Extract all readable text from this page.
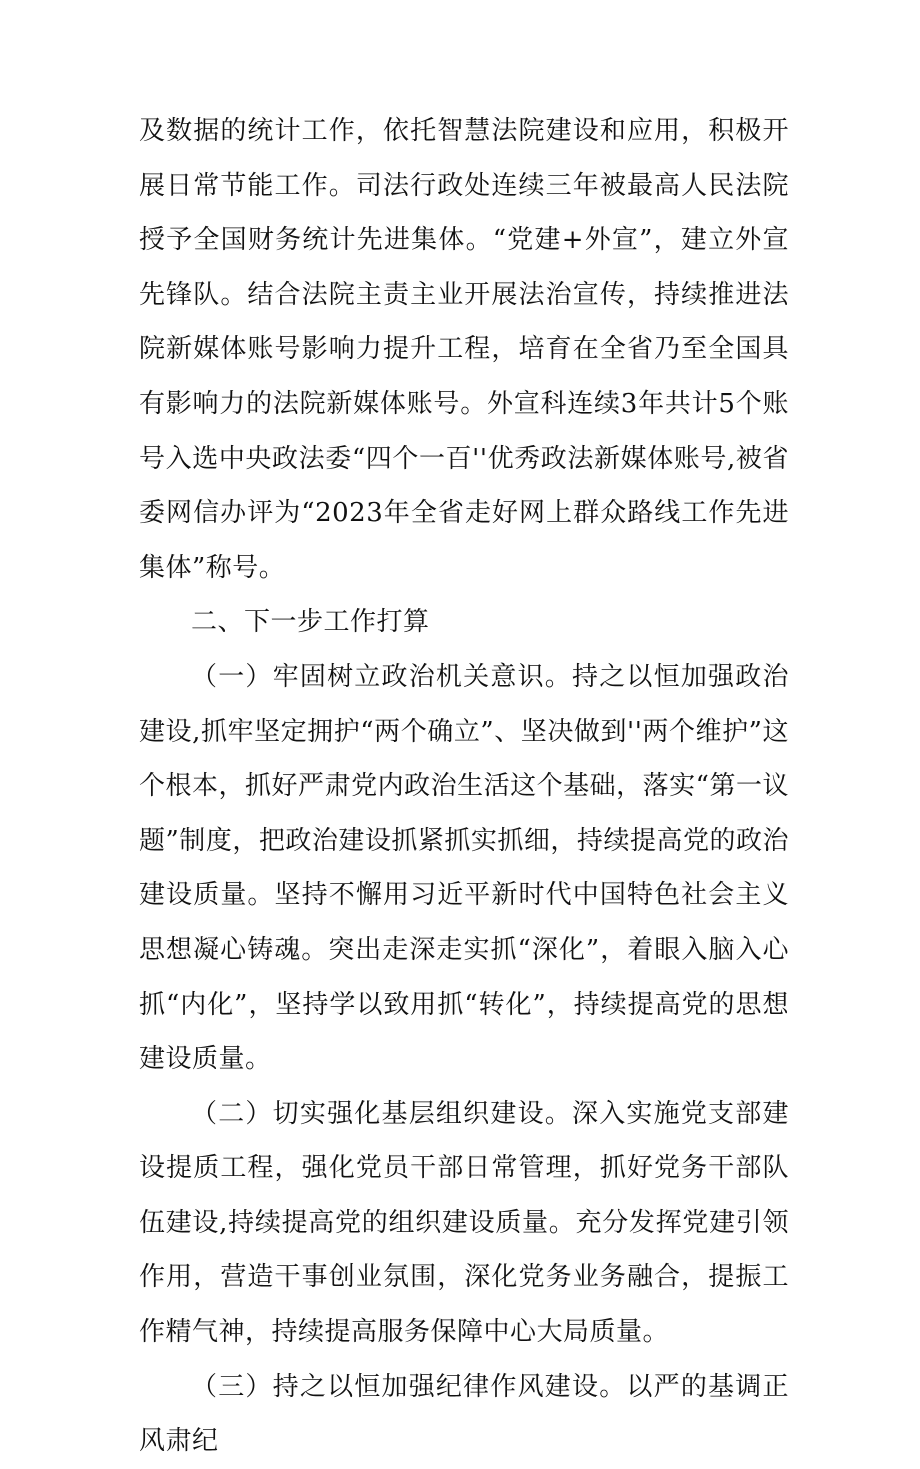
及数据的统计工作，依托智慧法院建设和应用，积极开展日常节能工作。司法行政处连续三年被最高人民法院授予全国财务统计先进集体。“党建+外宣”，建立外宣先锋队。结合法院主责主业开展法治宣传，持续推进法院新媒体账号影响力提升工程，培育在全省乃至全国具有影响力的法院新媒体账号。外宣科连续3年共计5个账号入选中央政法委“四个一百''优秀政法新媒体账号,被省委网信办评为“2023年全省走好网上群众路线工作先进集体”称号。

二、下一步工作打算

（一）牢固树立政治机关意识。持之以恒加强政治建设,抓牢坚定拥护“两个确立”、坚决做到''两个维护”这个根本，抓好严肃党内政治生活这个基础，落实“第一议题”制度，把政治建设抓紧抓实抓细，持续提高党的政治建设质量。坚持不懈用习近平新时代中国特色社会主义思想凝心铸魂。突出走深走实抓“深化”，着眼入脑入心抓“内化”，坚持学以致用抓“转化”，持续提高党的思想建设质量。

（二）切实强化基层组织建设。深入实施党支部建设提质工程，强化党员干部日常管理，抓好党务干部队伍建设,持续提高党的组织建设质量。充分发挥党建引领作用，营造干事创业氛围，深化党务业务融合，提振工作精气神，持续提高服务保障中心大局质量。

（三）持之以恒加强纪律作风建设。以严的基调正风肃纪
